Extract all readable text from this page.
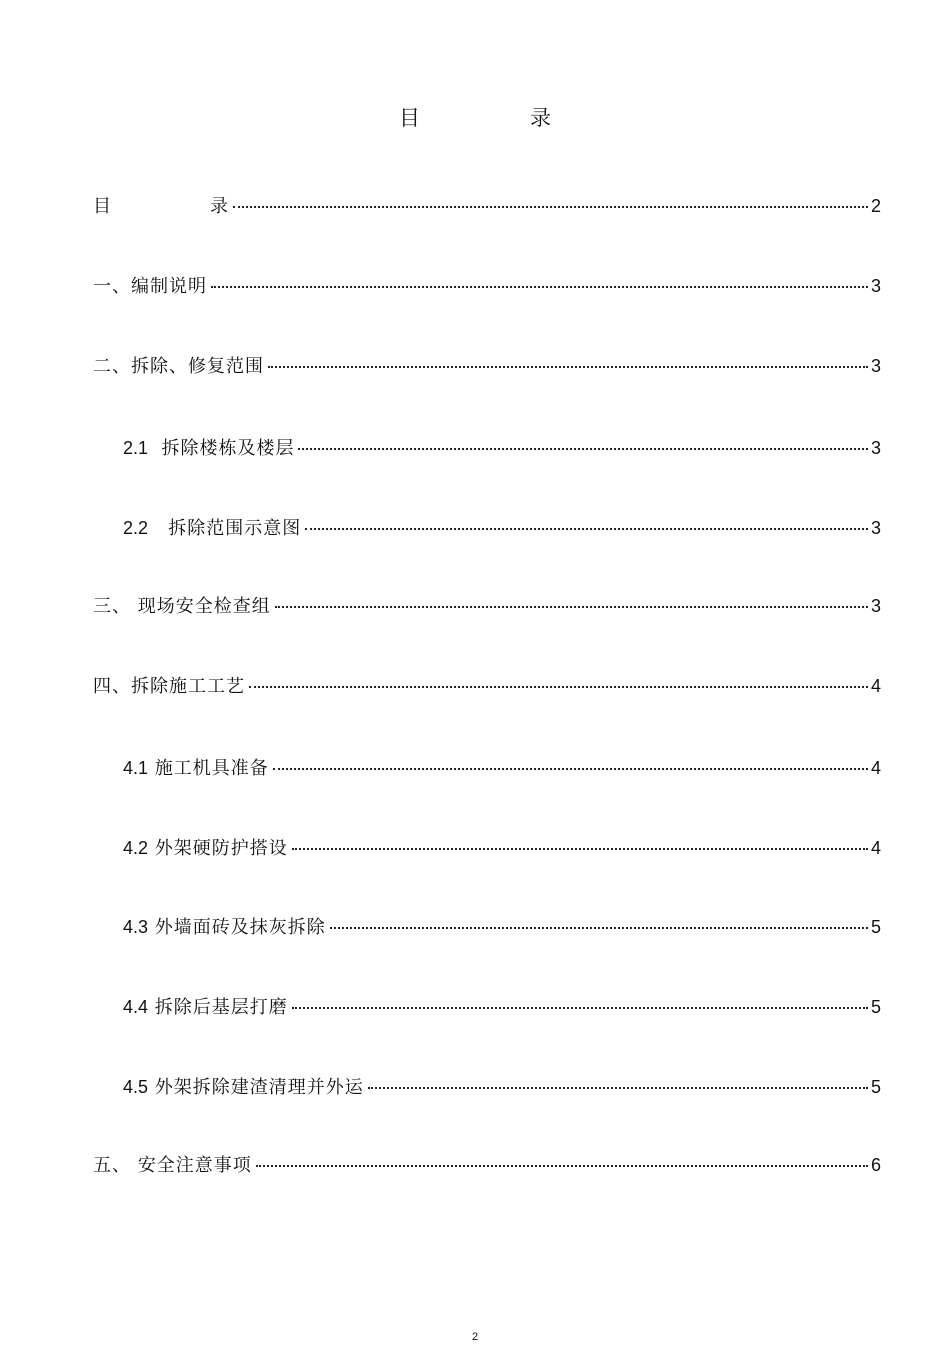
目	录
目	录	2
一、编制说明	3
二、拆除、修复范围	3
2.1 拆除楼栋及楼层	3
2.2 拆除范围示意图	3
三、 现场安全检查组	3
四、拆除施工工艺	4
4.1 施工机具准备	4
4.2 外架硬防护搭设	4
4.3 外墙面砖及抹灰拆除	5
4.4 拆除后基层打磨	5
4.5 外架拆除建渣清理并外运	5
五、 安全注意事项	6
2
